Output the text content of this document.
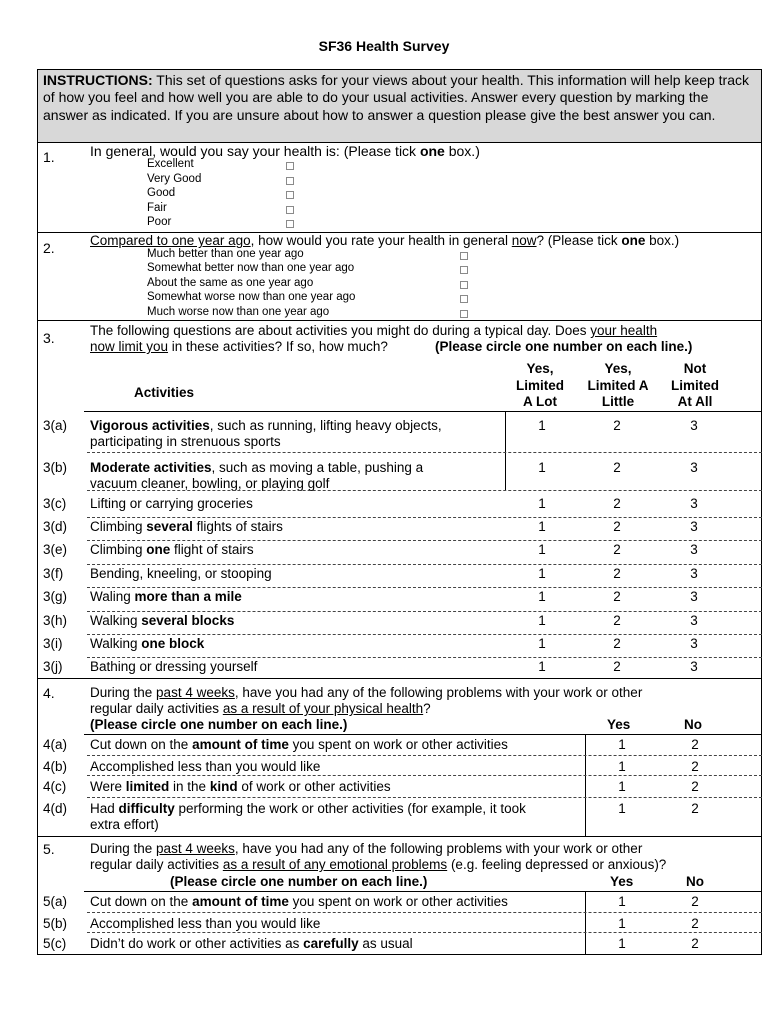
SF36 Health Survey
INSTRUCTIONS: This set of questions asks for your views about your health. This information will help keep track of how you feel and how well you are able to do your usual activities. Answer every question by marking the answer as indicated. If you are unsure about how to answer a question please give the best answer you can.
1.	In general, would you say your health is: (Please tick one box.)
Excellent
Very Good
Good
Fair
Poor
2.	Compared to one year ago, how would you rate your health in general now? (Please tick one box.)
Much better than one year ago
Somewhat better now than one year ago
About the same as one year ago
Somewhat worse now than one year ago
Much worse now than one year ago
3.	The following questions are about activities you might do during a typical day. Does your health
now limit you in these activities? If so, how much?	(Please circle one number on each line.)
Activities
Yes,
Limited
A Lot
Yes,
Limited A
Little
Not
Limited
At All
3(a) Vigorous activities, such as running, lifting heavy objects,
participating in strenuous sports
1	2	3
3(b) Moderate activities, such as moving a table, pushing a
vacuum cleaner, bowling, or playing golf
1	2	3
3(c) Lifting or carrying groceries	1	2	3
3(d) Climbing several flights of stairs	1	2	3
3(e) Climbing one flight of stairs	1	2	3
3(f) Bending, kneeling, or stooping	1	2	3
3(g) Waling more than a mile	1	2	3
3(h) Walking several blocks	1	2	3
3(i) Walking one block	1	2	3
3(j) Bathing or dressing yourself	1	2	3
4.	During the past 4 weeks, have you had any of the following problems with your work or other
regular daily activities as a result of your physical health?
(Please circle one number on each line.)	Yes	No
4(a) Cut down on the amount of time you spent on work or other activities	1	2
4(b) Accomplished less than you would like	1	2
4(c) Were limited in the kind of work or other activities	1	2
4(d) Had difficulty performing the work or other activities (for example, it took
extra effort)
1	2
5.	During the past 4 weeks, have you had any of the following problems with your work or other
regular daily activities as a result of any emotional problems (e.g. feeling depressed or anxious)?
(Please circle one number on each line.)	Yes	No
5(a) Cut down on the amount of time you spent on work or other activities	1	2
5(b) Accomplished less than you would like	1	2
5(c) Didn’t do work or other activities as carefully as usual	1	2
